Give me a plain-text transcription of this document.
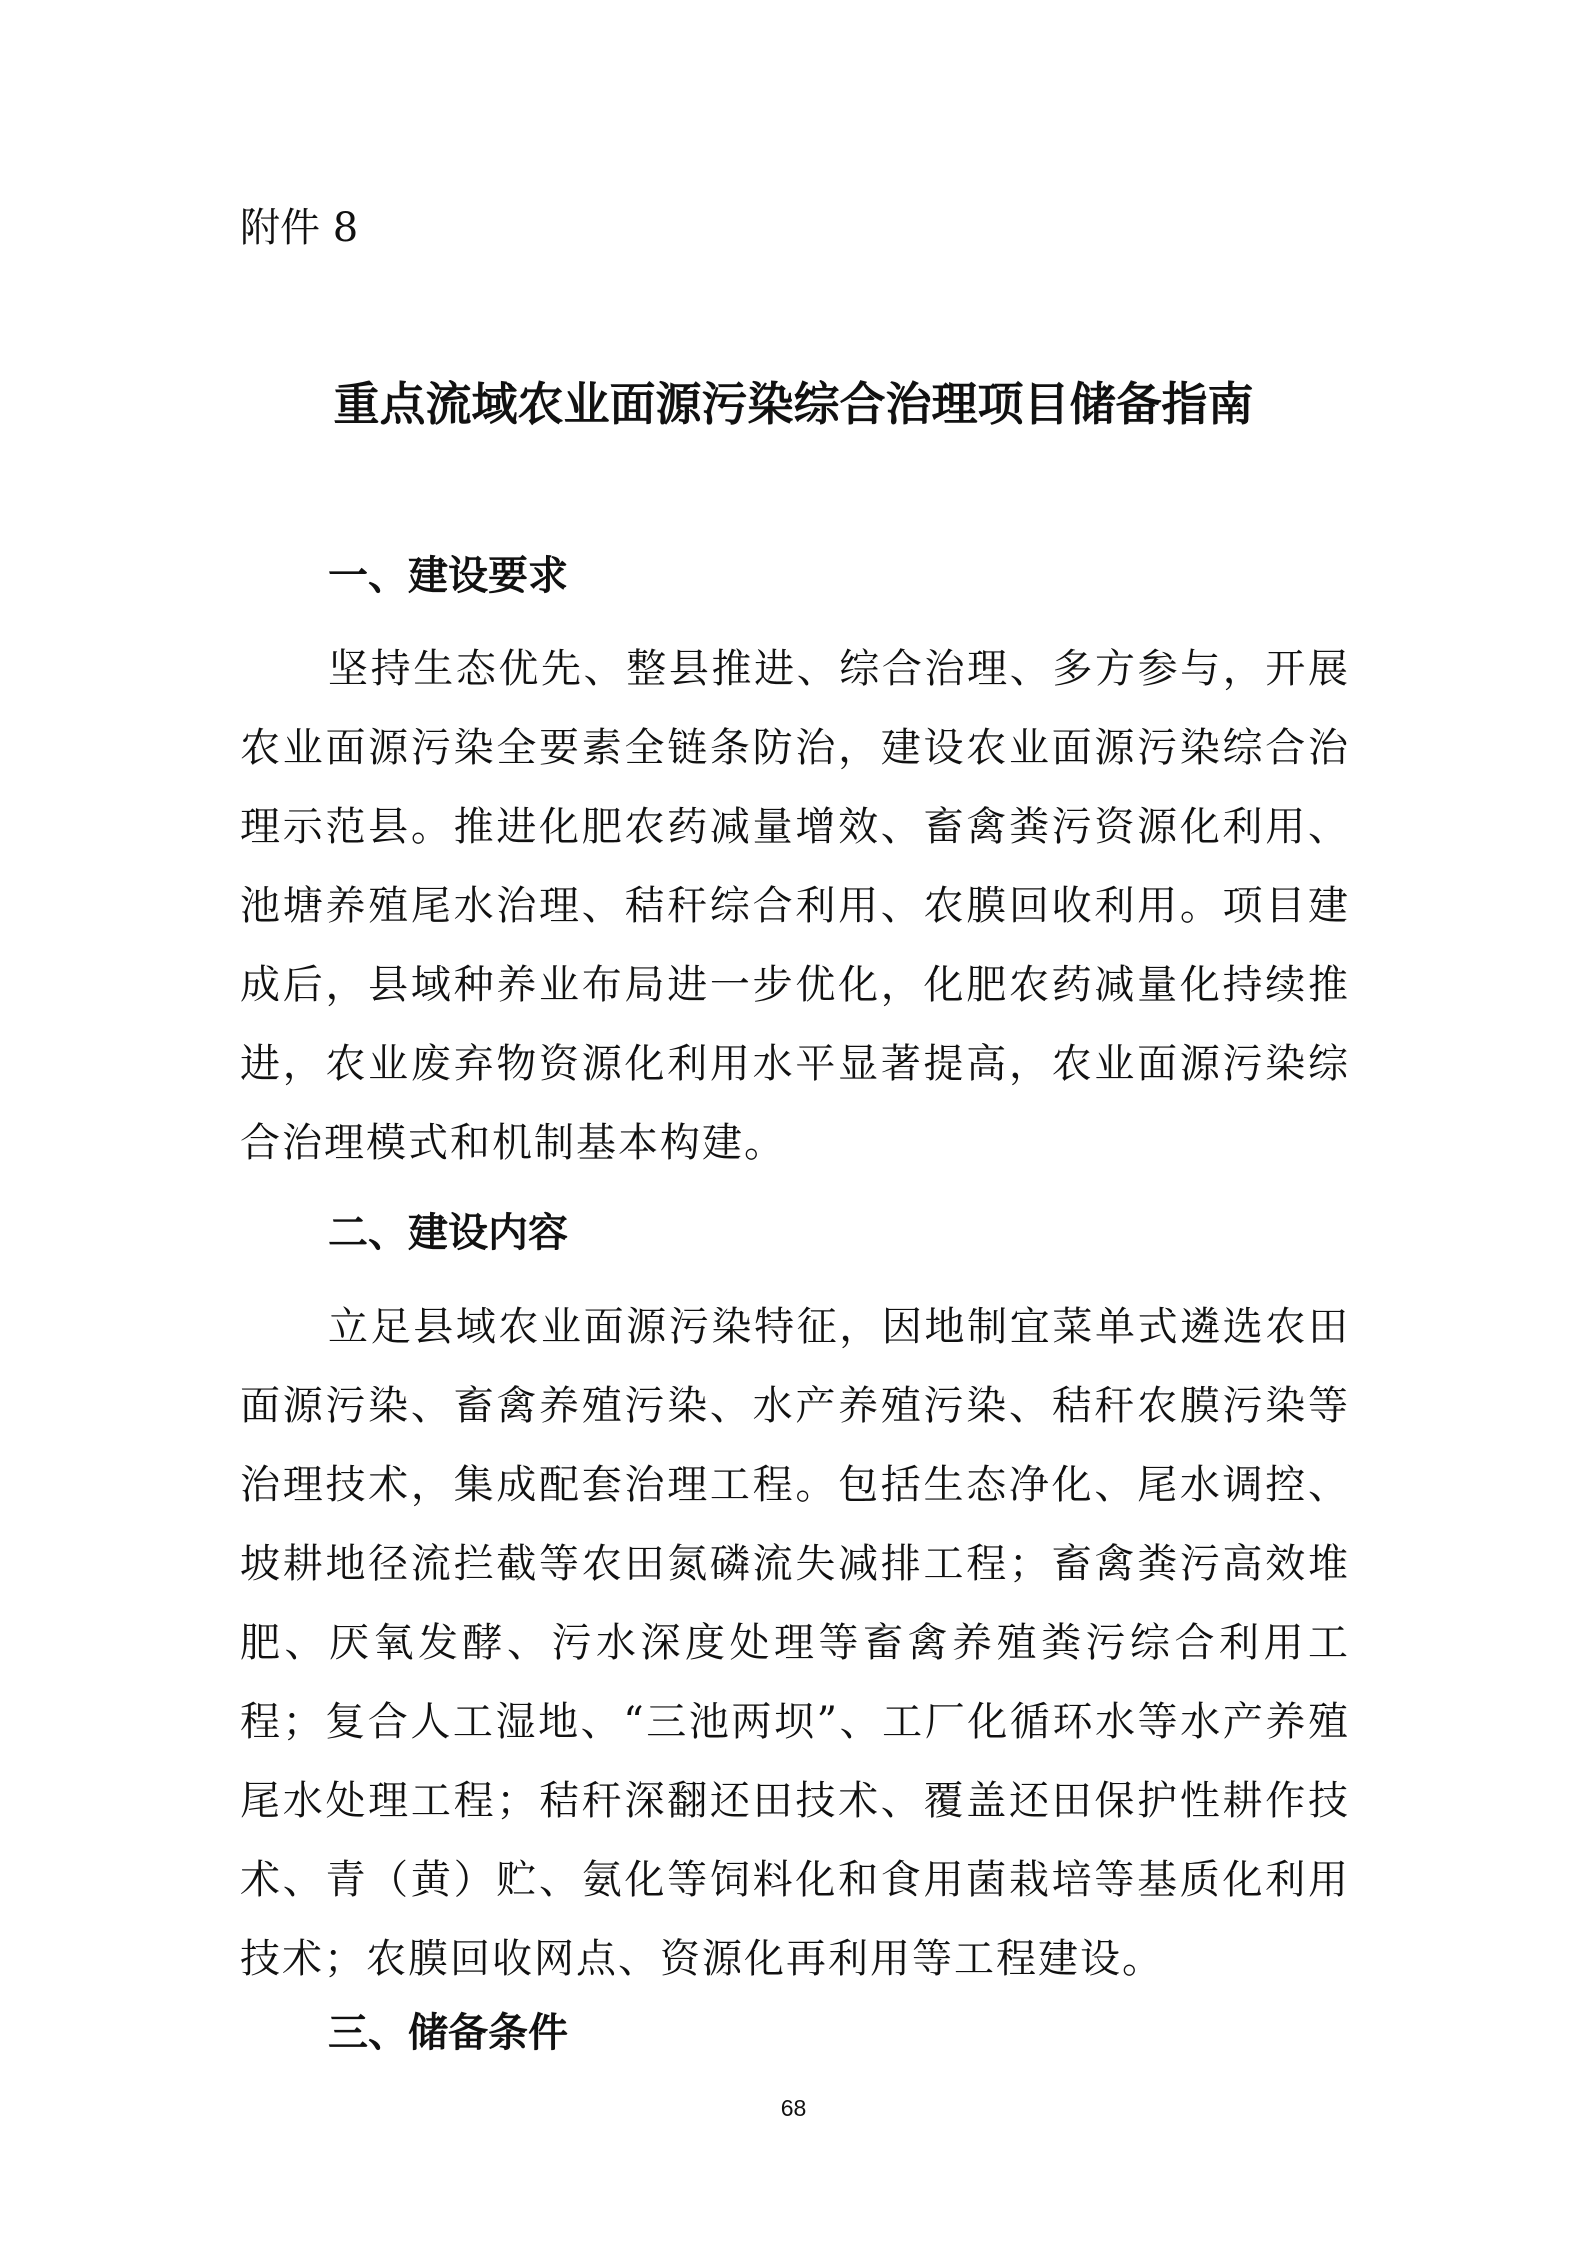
附件 8

重点流域农业面源污染综合治理项目储备指南
一、建设要求

坚持生态优先、整县推进、综合治理、多方参与，开展农业面源污染全要素全链条防治，建设农业面源污染综合治理示范县。推进化肥农药减量增效、畜禽粪污资源化利用、池塘养殖尾水治理、秸秆综合利用、农膜回收利用。项目建成后，县域种养业布局进一步优化，化肥农药减量化持续推进，农业废弃物资源化利用水平显著提高，农业面源污染综合治理模式和机制基本构建。

二、建设内容

立足县域农业面源污染特征，因地制宜菜单式遴选农田面源污染、畜禽养殖污染、水产养殖污染、秸秆农膜污染等治理技术，集成配套治理工程。包括生态净化、尾水调控、坡耕地径流拦截等农田氮磷流失减排工程；畜禽粪污高效堆肥、厌氧发酵、污水深度处理等畜禽养殖粪污综合利用工程；复合人工湿地、“三池两坝”、工厂化循环水等水产养殖尾水处理工程；秸秆深翻还田技术、覆盖还田保护性耕作技术、青（黄）贮、氨化等饲料化和食用菌栽培等基质化利用技术；农膜回收网点、资源化再利用等工程建设。

三、储备条件

68
